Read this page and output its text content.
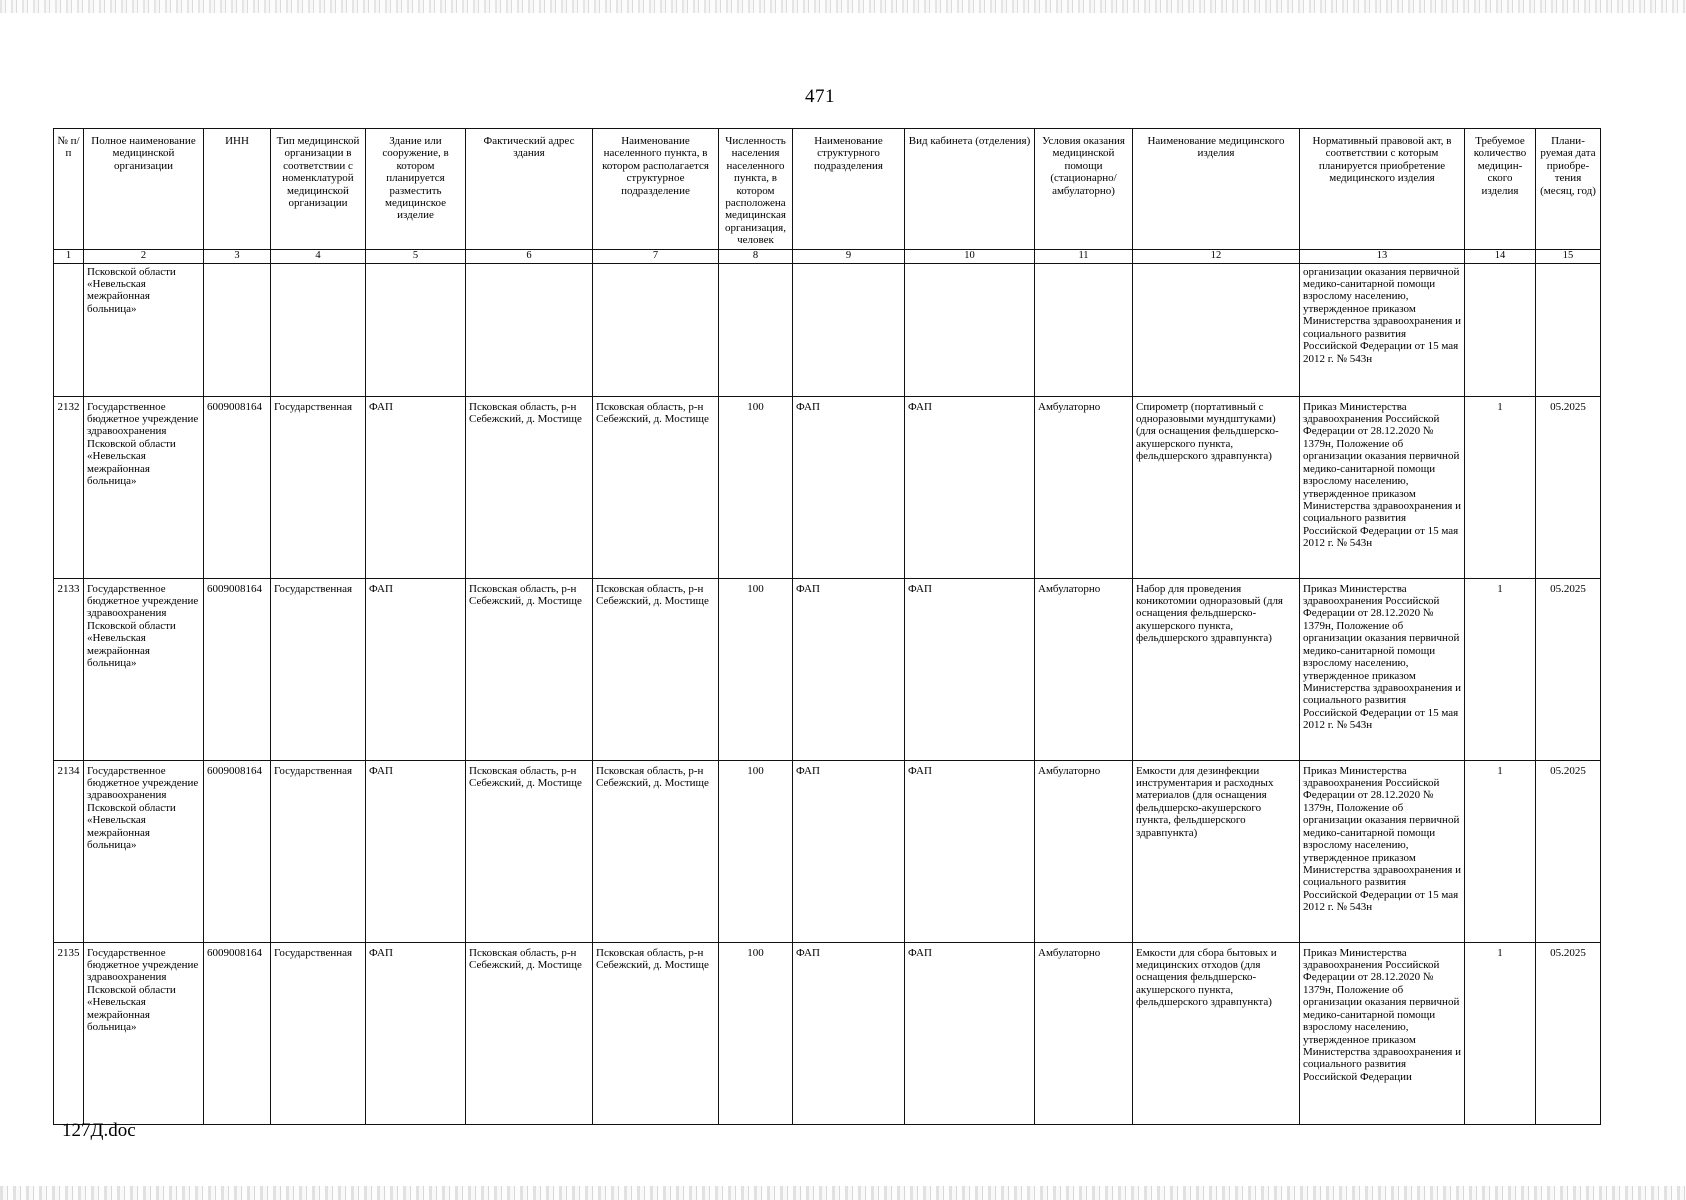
471
№ п/п	Полное наименование медицинской организации	ИНН	Тип медицинской организации в соответствии с номенклатурой медицинской организации	Здание или сооружение, в котором планируется разместить медицинское изделие	Фактический адрес здания	Наименование населенного пункта, в котором располагается структурное подразделение	Численность населения населенного пункта, в котором расположена медицинская организация, человек	Наименование структурного подразделения	Вид кабинета (отделения)	Условия оказания медицинской помощи (стационарно/ амбулаторно)	Наименование медицинского изделия	Нормативный правовой акт, в соответствии с которым планируется приобретение медицинского изделия	Требуемое количество медицин-ского изделия	Плани-руемая дата приобре-тения (месяц, год)
1	2	3	4	5	6	7	8	9	10	11	12	13	14	15
	Псковской области «Невельская межрайонная больница»											организации оказания первичной медико-санитарной помощи взрослому населению, утвержденное приказом Министерства здравоохранения и социального развития Российской Федерации от 15 мая 2012 г. № 543н		
2132	Государственное бюджетное учреждение здравоохранения Псковской области «Невельская межрайонная больница»	6009008164	Государственная	ФАП	Псковская область, р-н Себежский, д. Мостище	Псковская область, р-н Себежский, д. Мостище	100	ФАП	ФАП	Амбулаторно	Спирометр (портативный с одноразовыми мундштуками) (для оснащения фельдшерско-акушерского пункта, фельдшерского здравпункта)	Приказ Министерства здравоохранения Российской Федерации от 28.12.2020 № 1379н, Положение об организации оказания первичной медико-санитарной помощи взрослому населению, утвержденное приказом Министерства здравоохранения и социального развития Российской Федерации от 15 мая 2012 г. № 543н	1	05.2025
2133	Государственное бюджетное учреждение здравоохранения Псковской области «Невельская межрайонная больница»	6009008164	Государственная	ФАП	Псковская область, р-н Себежский, д. Мостище	Псковская область, р-н Себежский, д. Мостище	100	ФАП	ФАП	Амбулаторно	Набор для проведения коникотомии одноразовый (для оснащения фельдшерско-акушерского пункта, фельдшерского здравпункта)	Приказ Министерства здравоохранения Российской Федерации от 28.12.2020 № 1379н, Положение об организации оказания первичной медико-санитарной помощи взрослому населению, утвержденное приказом Министерства здравоохранения и социального развития Российской Федерации от 15 мая 2012 г. № 543н	1	05.2025
2134	Государственное бюджетное учреждение здравоохранения Псковской области «Невельская межрайонная больница»	6009008164	Государственная	ФАП	Псковская область, р-н Себежский, д. Мостище	Псковская область, р-н Себежский, д. Мостище	100	ФАП	ФАП	Амбулаторно	Емкости для дезинфекции инструментария и расходных материалов (для оснащения фельдшерско-акушерского пункта, фельдшерского здравпункта)	Приказ Министерства здравоохранения Российской Федерации от 28.12.2020 № 1379н, Положение об организации оказания первичной медико-санитарной помощи взрослому населению, утвержденное приказом Министерства здравоохранения и социального развития Российской Федерации от 15 мая 2012 г. № 543н	1	05.2025
2135	Государственное бюджетное учреждение здравоохранения Псковской области «Невельская межрайонная больница»	6009008164	Государственная	ФАП	Псковская область, р-н Себежский, д. Мостище	Псковская область, р-н Себежский, д. Мостище	100	ФАП	ФАП	Амбулаторно	Емкости для сбора бытовых и медицинских отходов (для оснащения фельдшерско-акушерского пункта, фельдшерского здравпункта)	Приказ Министерства здравоохранения Российской Федерации от 28.12.2020 № 1379н, Положение об организации оказания первичной медико-санитарной помощи взрослому населению, утвержденное приказом Министерства здравоохранения и социального развития Российской Федерации	1	05.2025
127Д.doc
